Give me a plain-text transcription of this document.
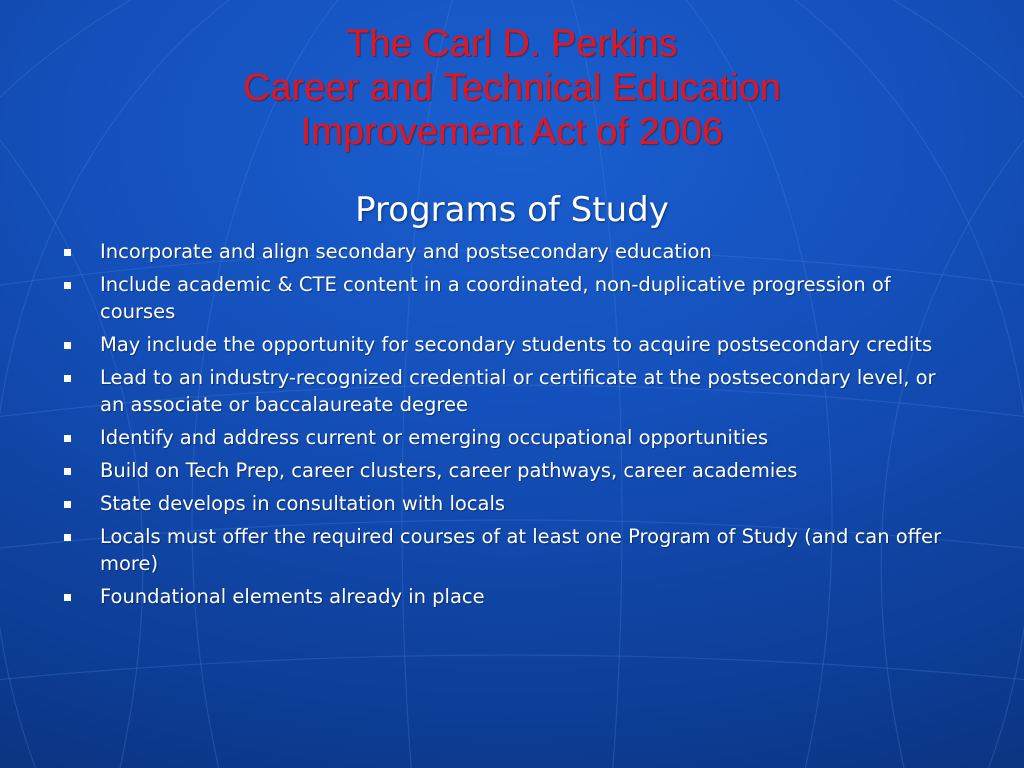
The Carl D. Perkins
Career and Technical Education
Improvement Act of 2006
Programs of Study
Incorporate and align secondary and postsecondary education
Include academic & CTE content in a coordinated, non-duplicative progression of courses
May include the opportunity for secondary students to acquire postsecondary credits
Lead to an industry-recognized credential or certificate at the postsecondary level, or an associate or baccalaureate degree
Identify and address current or emerging occupational opportunities
Build on Tech Prep, career clusters, career pathways, career academies
State develops in consultation with locals
Locals must offer the required courses of at least one Program of Study (and can offer more)
Foundational elements already in place
